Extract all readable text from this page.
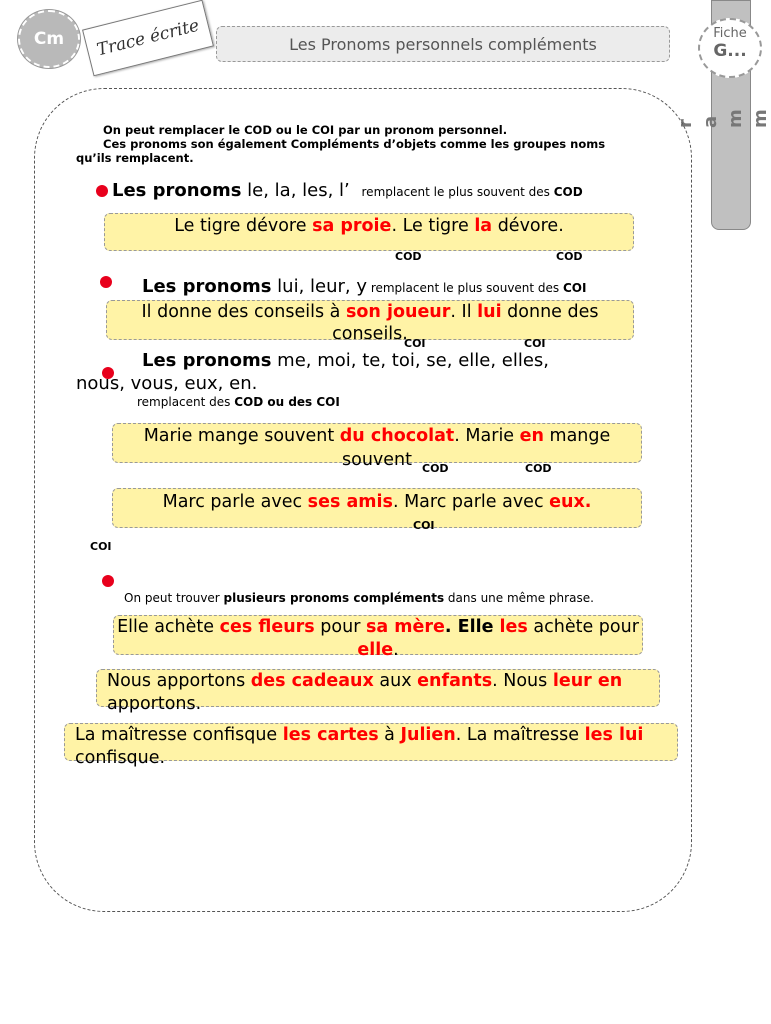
Cm Trace écrite	Les Pronoms personnels compléments
Fiche
G...
r a m m
On peut remplacer le COD ou le COI par un pronom personnel.
Ces pronoms son également Compléments d’objets comme les groupes noms
qu’ils remplacent.
Les pronoms le, la, les, l’ remplacent le plus souvent des COD
Le tigre dévore sa proie. Le tigre la dévore.
COD	COD
Les pronoms lui, leur, y remplacent le plus souvent des COI
Il donne des conseils à son joueur. Il lui donne des conseils.
COI	COI
Les pronoms me, moi, te, toi, se, elle, elles,
nous, vous, eux, en.
remplacent des COD ou des COI
Marie mange souvent du chocolat. Marie en mange souvent COD	COD
Marc parle avec ses amis. Marc parle avec eux.
COI
COI
On peut trouver plusieurs pronoms compléments dans une même phrase.
Elle achète ces fleurs pour sa mère. Elle les achète pour elle.
Nous apportons des cadeaux aux enfants. Nous leur en apportons.
La maîtresse confisque les cartes à Julien. La maîtresse les lui confisque.
